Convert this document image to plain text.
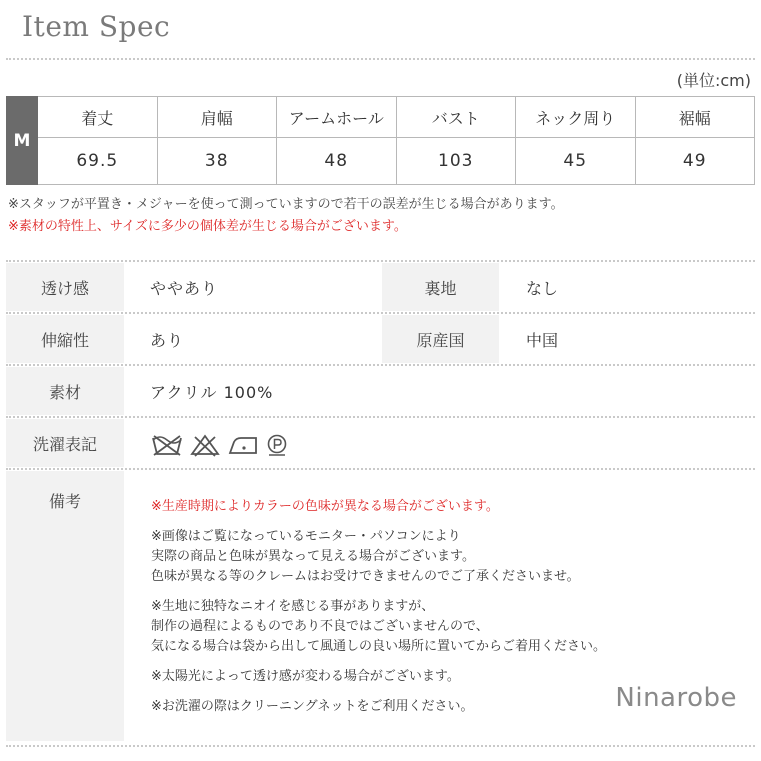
Item Spec
(単位:cm)
M	着丈	肩幅	アームホール	バスト	ネック周り	裾幅
	69.5	38	48	103	45	49
※スタッフが平置き・メジャーを使って測っていますので若干の誤差が生じる場合があります。
※素材の特性上、サイズに多少の個体差が生じる場合がございます。
透け感	ややあり	裏地	なし
伸縮性	あり	原産国	中国
素材	アクリル 100%
洗濯表記
備考	※生産時期によりカラーの色味が異なる場合がございます。

※画像はご覧になっているモニター・パソコンにより
実際の商品と色味が異なって見える場合がございます。
色味が異なる等のクレームはお受けできませんのでご了承くださいませ。

※生地に独特なニオイを感じる事がありますが、
制作の過程によるものであり不良ではございませんので、
気になる場合は袋から出して風通しの良い場所に置いてからご着用ください。

※太陽光によって透け感が変わる場合がございます。

※お洗濯の際はクリーニングネットをご利用ください。	Ninarobe
